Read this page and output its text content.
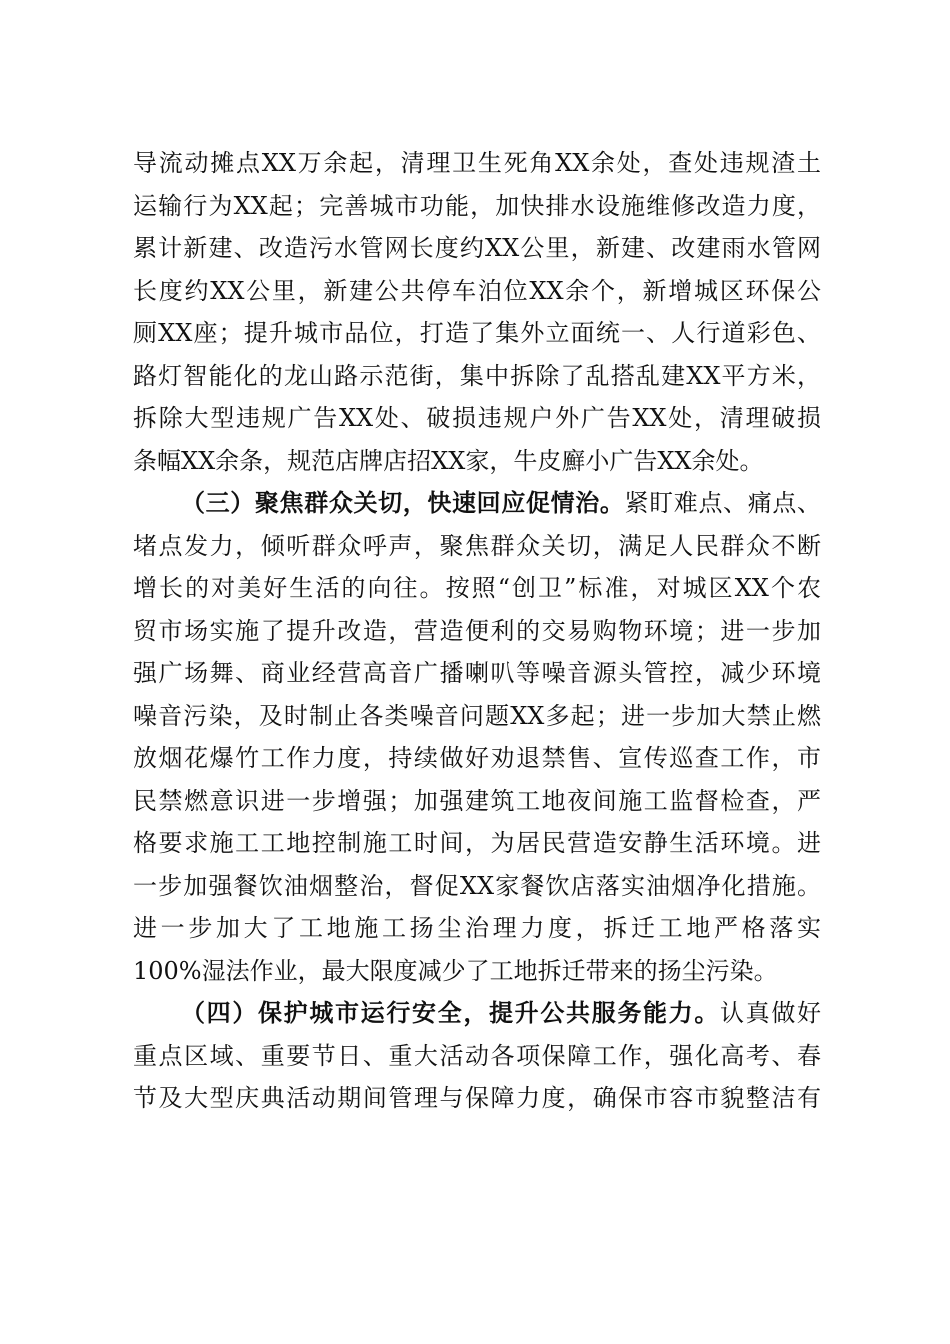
导流动摊点XX万余起，清理卫生死角XX余处，查处违规渣土
运输行为XX起；完善城市功能，加快排水设施维修改造力度，
累计新建、改造污水管网长度约XX公里，新建、改建雨水管网
长度约XX公里，新建公共停车泊位XX余个，新增城区环保公
厕XX座；提升城市品位，打造了集外立面统一、人行道彩色、
路灯智能化的龙山路示范街，集中拆除了乱搭乱建XX平方米，
拆除大型违规广告XX处、破损违规户外广告XX处，清理破损
条幅XX余条，规范店牌店招XX家，牛皮廯小广告XX余处。
（三）聚焦群众关切，快速回应促情治。紧盯难点、痛点、
堵点发力，倾听群众呼声，聚焦群众关切，满足人民群众不断
增长的对美好生活的向往。按照“创卫”标准，对城区XX个农
贸市场实施了提升改造，营造便利的交易购物环境；进一步加
强广场舞、商业经营高音广播喇叭等噪音源头管控，减少环境
噪音污染，及时制止各类噪音问题XX多起；进一步加大禁止燃
放烟花爆竹工作力度，持续做好劝退禁售、宣传巡查工作，市
民禁燃意识进一步增强；加强建筑工地夜间施工监督检查，严
格要求施工工地控制施工时间，为居民营造安静生活环境。进
一步加强餐饮油烟整治，督促XX家餐饮店落实油烟净化措施。
进一步加大了工地施工扬尘治理力度，拆迁工地严格落实
100%湿法作业，最大限度减少了工地拆迁带来的扬尘污染。
（四）保护城市运行安全，提升公共服务能力。认真做好
重点区域、重要节日、重大活动各项保障工作，强化高考、春
节及大型庆典活动期间管理与保障力度，确保市容市貌整洁有
